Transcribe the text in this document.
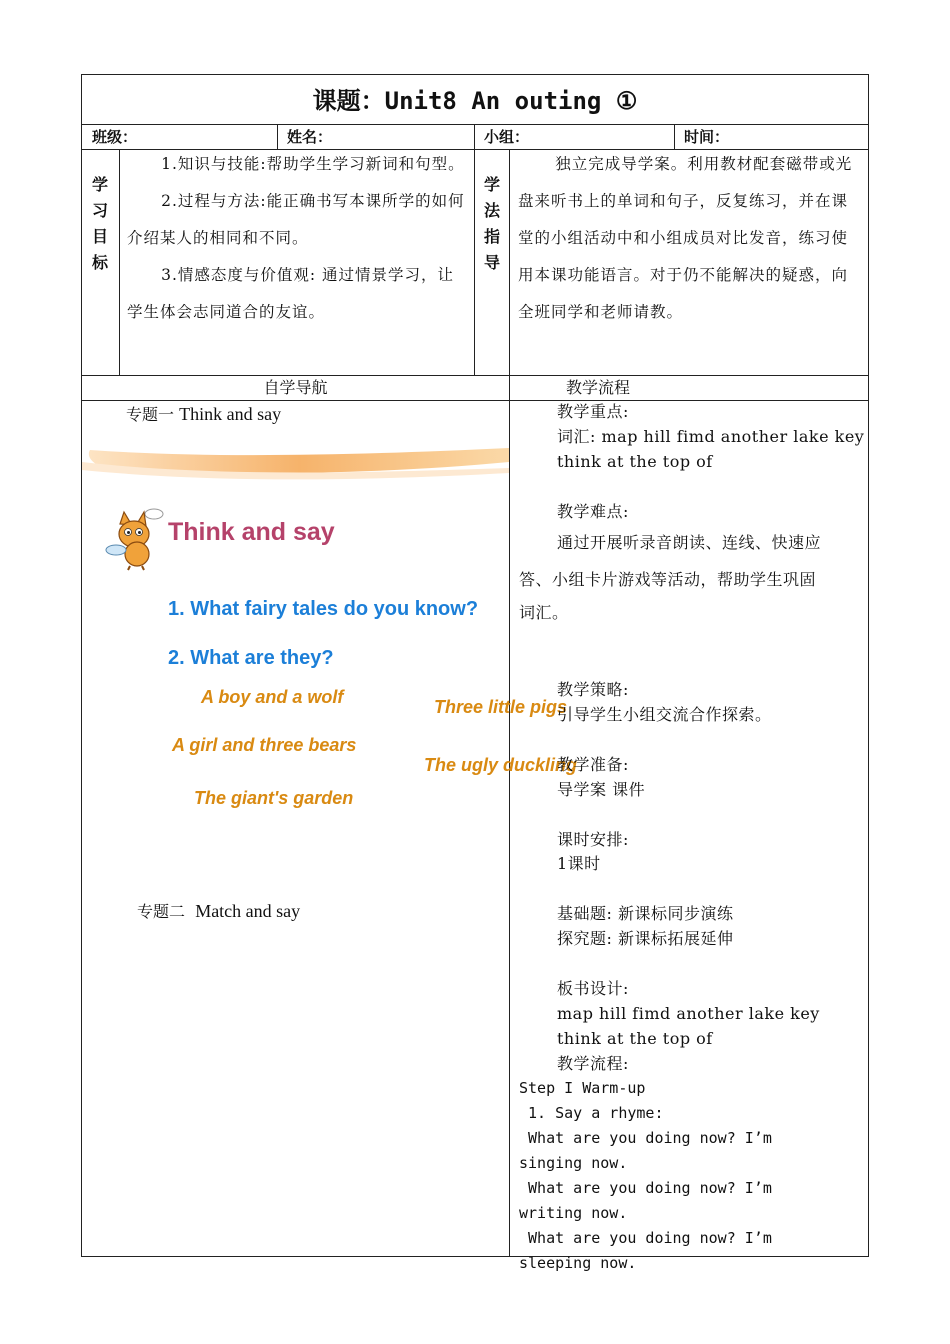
课题：Unit8 An outing ①
班级：	姓名：	小组：	时间：
学
习
目
标

1.知识与技能:帮助学生学习新词和句型。

2.过程与方法:能正确书写本课所学的如何介绍某人的相同和不同。

3.情感态度与价值观: 通过情景学习，让学生体会志同道合的友谊。

学
法
指
导

独立完成导学案。利用教材配套磁带或光盘来听书上的单词和句子，反复练习，并在课堂的小组活动中和小组成员对比发音，练习使用本课功能语言。对于仍不能解决的疑惑，向全班同学和老师请教。

自学导航	教学流程
专题一 Think and say
Think and say
1. What fairy tales do you know?
2. What are they?
A boy and a wolf	Three little pigs
A girl and three bears
The ugly duckling
The giant's garden
专题二 Match and say
教学重点:
词汇: map hill fimd another lake key
think at the top of
教学难点:
通过开展听录音朗读、连线、快速应
答、小组卡片游戏等活动，帮助学生巩固
词汇。
教学策略:
引导学生小组交流合作探索。
教学准备:
导学案 课件
课时安排:
1课时
基础题: 新课标同步演练
探究题: 新课标拓展延伸
板书设计:
map hill fimd another lake key
think at the top of
教学流程:
Step I Warm-up
1. Say a rhyme:
What are you doing now? I’m
singing now.
What are you doing now? I’m
writing now.
What are you doing now? I’m
sleeping now.
